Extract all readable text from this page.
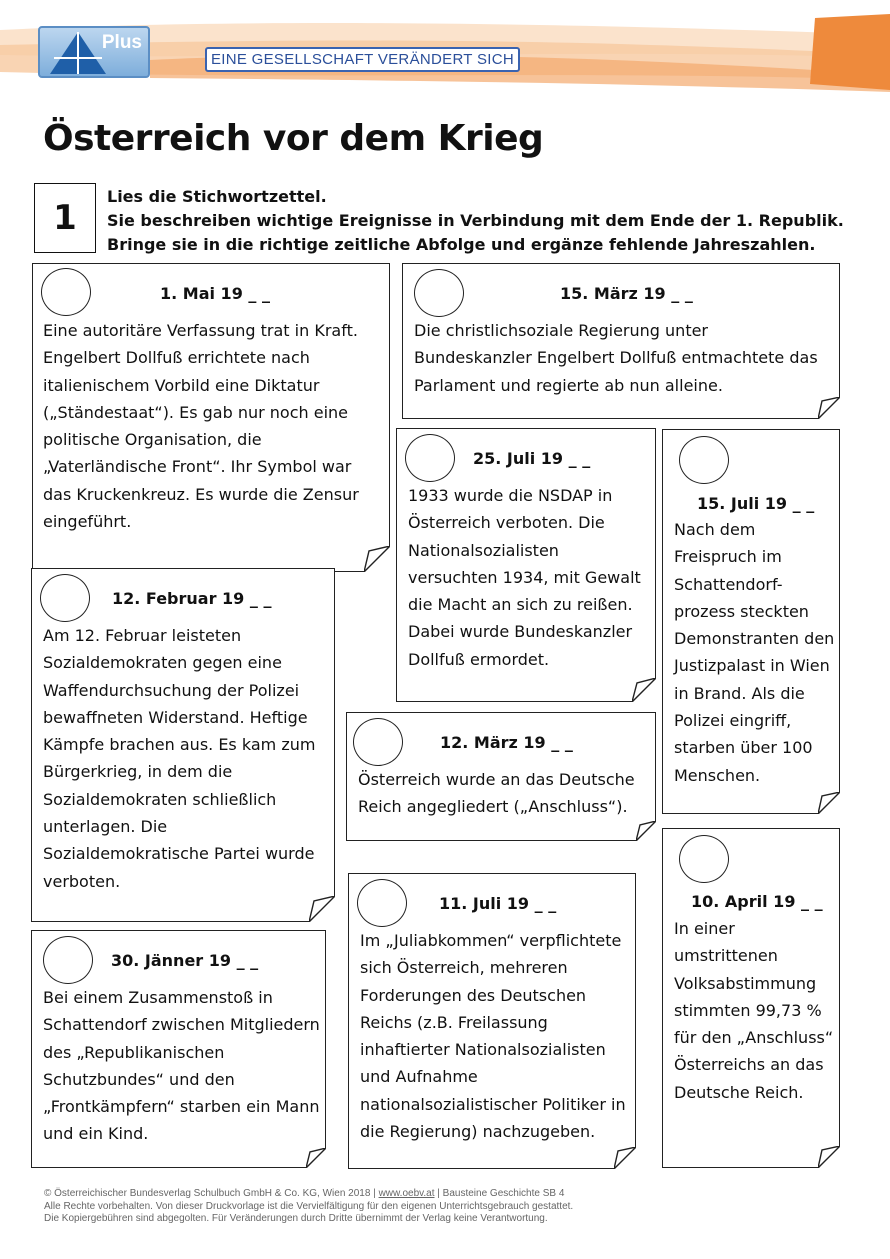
Plus
EINE GESELLSCHAFT VERÄNDERT SICH
Österreich vor dem Krieg
1
Lies die Stichwortzettel.
Sie beschreiben wichtige Ereignisse in Verbindung mit dem Ende der 1. Republik.
Bringe sie in die richtige zeitliche Abfolge und ergänze fehlende Jahreszahlen.
1. Mai 19 _ _
Eine autoritäre Verfassung trat in Kraft. Engelbert Dollfuß errichtete nach italienischem Vorbild eine Diktatur („Ständestaat“). Es gab nur noch eine politische Organisation, die „Vaterländische Front“. Ihr Symbol war das Kruckenkreuz. Es wurde die Zensur eingeführt.
15. März 19 _ _
Die christlichsoziale Regierung unter Bundeskanzler Engelbert Dollfuß entmachtete das Parlament und regierte ab nun alleine.
25. Juli 19 _ _
1933 wurde die NSDAP in Österreich verboten. Die Nationalsozialisten versuchten 1934, mit Gewalt die Macht an sich zu reißen. Dabei wurde Bundeskanzler Dollfuß ermordet.
15. Juli 19 _ _
Nach dem Freispruch im Schattendorf-prozess steckten Demonstranten den Justizpalast in Wien in Brand. Als die Polizei eingriff, starben über 100 Menschen.
12. Februar 19 _ _
Am 12. Februar leisteten Sozialdemokraten gegen eine Waffendurchsuchung der Polizei bewaffneten Widerstand. Heftige Kämpfe brachen aus. Es kam zum Bürgerkrieg, in dem die Sozialdemokraten schließlich unterlagen. Die Sozialdemokratische Partei wurde verboten.
12. März 19 _ _
Österreich wurde an das Deutsche Reich angegliedert („Anschluss“).
10. April 19 _ _
In einer umstrittenen Volksabstimmung stimmten 99,73 % für den „Anschluss“ Österreichs an das Deutsche Reich.
11. Juli 19 _ _
Im „Juliabkommen“ verpflichtete sich Österreich, mehreren Forderungen des Deutschen Reichs (z.B. Freilassung inhaftierter Nationalsozialisten und Aufnahme nationalsozialistischer Politiker in die Regierung) nachzugeben.
30. Jänner 19 _ _
Bei einem Zusammenstoß in Schattendorf zwischen Mitgliedern des „Republikanischen Schutzbundes“ und den „Frontkämpfern“ starben ein Mann und ein Kind.
© Österreichischer Bundesverlag Schulbuch GmbH & Co. KG, Wien 2018 | www.oebv.at | Bausteine Geschichte SB 4
Alle Rechte vorbehalten. Von dieser Druckvorlage ist die Vervielfältigung für den eigenen Unterrichtsgebrauch gestattet.
Die Kopiergebühren sind abgegolten. Für Veränderungen durch Dritte übernimmt der Verlag keine Verantwortung.
